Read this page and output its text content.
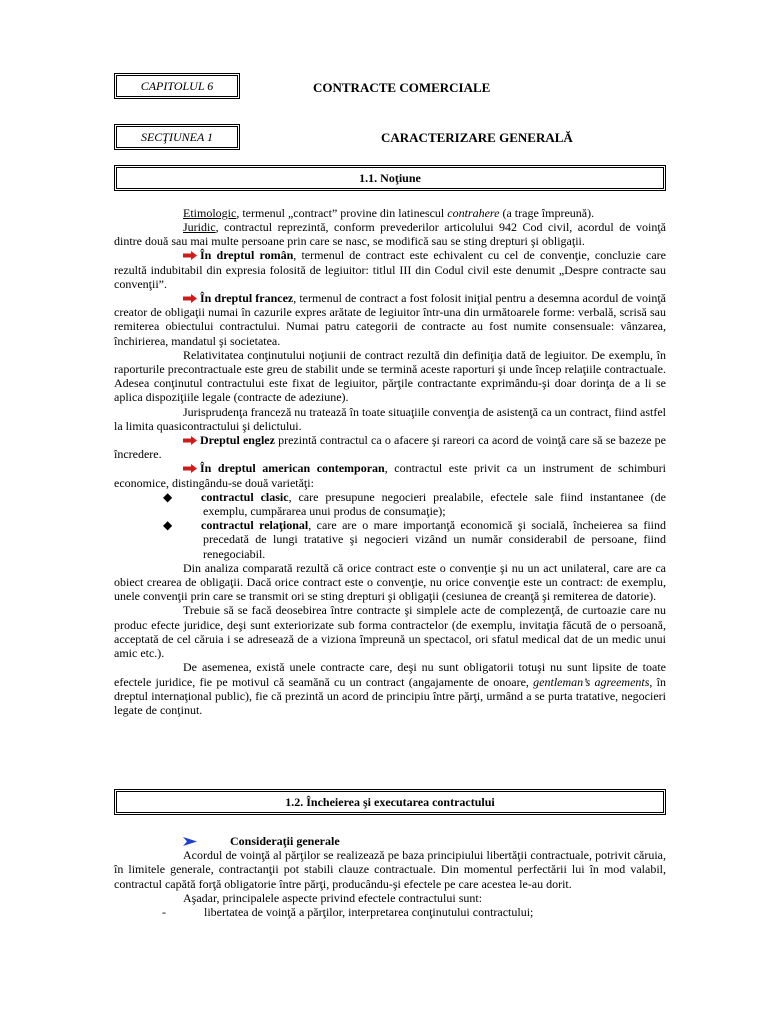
CAPITOLUL 6	CONTRACTE COMERCIALE
SECŢIUNEA 1	CARACTERIZARE GENERALĂ
1.1. Noţiune

Etimologic, termenul „contract” provine din latinescul contrahere (a trage împreună).

Juridic, contractul reprezintă, conform prevederilor articolului 942 Cod civil, acordul de voinţă dintre două sau mai multe persoane prin care se nasc, se modifică sau se sting drepturi şi obligaţii.

În dreptul român, termenul de contract este echivalent cu cel de convenţie, concluzie care rezultă indubitabil din expresia folosită de legiuitor: titlul III din Codul civil este denumit „Despre contracte sau convenţii”.

În dreptul francez, termenul de contract a fost folosit iniţial pentru a desemna acordul de voinţă creator de obligaţii numai în cazurile expres arătate de legiuitor într-una din următoarele forme: verbală, scrisă sau remiterea obiectului contractului. Numai patru categorii de contracte au fost numite consensuale: vânzarea, închirierea, mandatul şi societatea.

Relativitatea conţinutului noţiunii de contract rezultă din definiţia dată de legiuitor. De exemplu, în raporturile precontractuale este greu de stabilit unde se termină aceste raporturi şi unde încep relaţiile contractuale. Adesea conţinutul contractului este fixat de legiuitor, părţile contractante exprimându-şi doar dorinţa de a li se aplica dispoziţiile legale (contracte de adeziune).

Jurisprudenţa franceză nu tratează în toate situaţiile convenţia de asistenţă ca un contract, fiind astfel la limita quasicontractului şi delictului.

Dreptul englez prezintă contractul ca o afacere şi rareori ca acord de voinţă care să se bazeze pe încredere.

În dreptul american contemporan, contractul este privit ca un instrument de schimburi economice, distingându-se două varietăţi:

◆ contractul clasic, care presupune negocieri prealabile, efectele sale fiind instantanee (de exemplu, cumpărarea unui produs de consumaţie);

◆ contractul relaţional, care are o mare importanţă economică şi socială, încheierea sa fiind precedată de lungi tratative şi negocieri vizând un număr considerabil de persoane, fiind renegociabil.

Din analiza comparată rezultă că orice contract este o convenţie şi nu un act unilateral, care are ca obiect crearea de obligaţii. Dacă orice contract este o convenţie, nu orice convenţie este un contract: de exemplu, unele convenţii prin care se transmit ori se sting drepturi şi obligaţii (cesiunea de creanţă şi remiterea de datorie).

Trebuie să se facă deosebirea între contracte şi simplele acte de complezenţă, de curtoazie care nu produc efecte juridice, deşi sunt exteriorizate sub forma contractelor (de exemplu, invitaţia făcută de o persoană, acceptată de cel căruia i se adresează de a viziona împreună un spectacol, ori sfatul medical dat de un medic unui amic etc.).

De asemenea, există unele contracte care, deşi nu sunt obligatorii totuşi nu sunt lipsite de toate efectele juridice, fie pe motivul că seamănă cu un contract (angajamente de onoare, gentleman’s agreements, în dreptul internaţional public), fie că prezintă un acord de principiu între părţi, urmând a se purta tratative, negocieri legate de conţinut.

1.2. Încheierea şi executarea contractului

Consideraţii generale

Acordul de voinţă al părţilor se realizează pe baza principiului libertăţii contractuale, potrivit căruia, în limitele generale, contractanţii pot stabili clauze contractuale. Din momentul perfectării lui în mod valabil, contractul capătă forţă obligatorie între părţi, producându-şi efectele pe care acestea le-au dorit.

Aşadar, principalele aspecte privind efectele contractului sunt:

-	libertatea de voinţă a părţilor, interpretarea conţinutului contractului;
